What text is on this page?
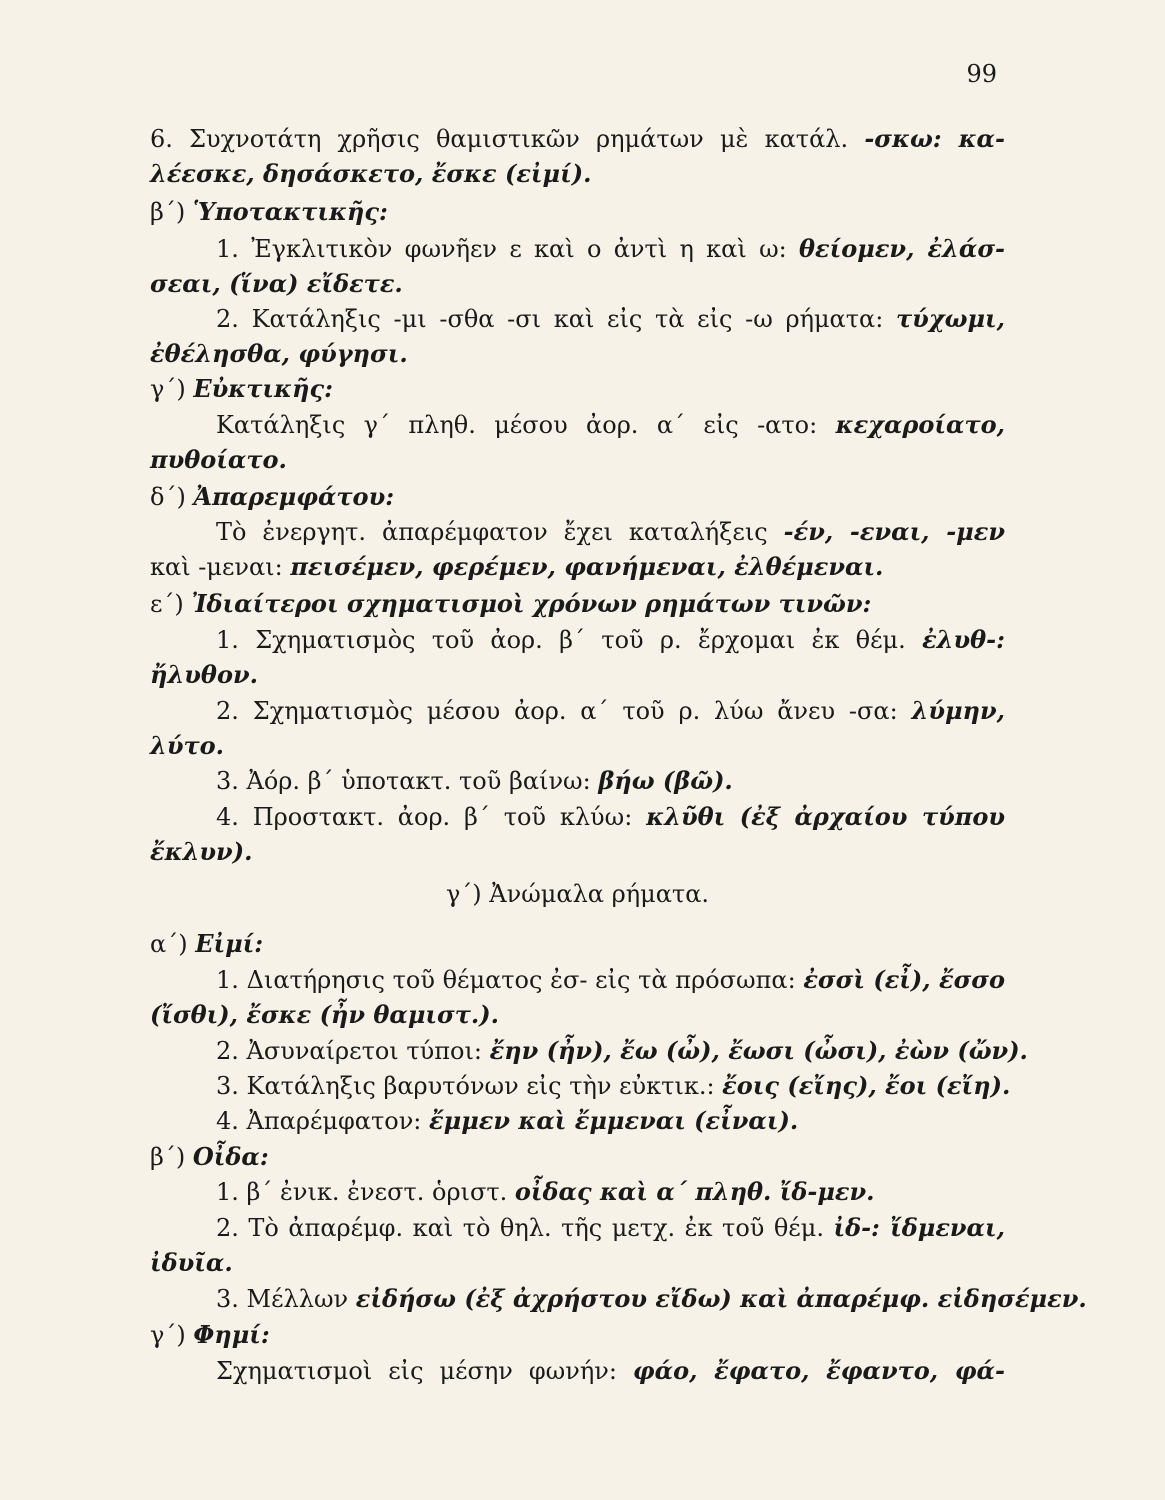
99
6. Συχνοτάτη χρῆσις θαμιστικῶν ρημάτων μὲ κατάλ. -σκω: κα-
λέεσκε, δησάσκετο, ἔσκε (εἰμί).
β΄) Ὑποτακτικῆς:
1. Ἐγκλιτικὸν φωνῆεν ε καὶ ο ἀντὶ η καὶ ω: θείομεν, ἐλάσ-
σεαι, (ἵνα) εἴδετε.
2. Κατάληξις -μι -σθα -σι καὶ εἰς τὰ εἰς -ω ρήματα: τύχωμι,
ἐθέλησθα, φύγησι.
γ΄) Εὐκτικῆς:
Κατάληξις γ΄ πληθ. μέσου ἀορ. α΄ εἰς -ατο: κεχαροίατο,
πυθοίατο.
δ΄) Ἀπαρεμφάτου:
Τὸ ἐνεργητ. ἀπαρέμφατον ἔχει καταλήξεις -έν, -εναι, -μεν
καὶ -μεναι: πεισέμεν, φερέμεν, φανήμεναι, ἐλθέμεναι.
ε΄) Ἰδιαίτεροι σχηματισμοὶ χρόνων ρημάτων τινῶν:
1. Σχηματισμὸς τοῦ ἀορ. β΄ τοῦ ρ. ἔρχομαι ἐκ θέμ. ἐλυθ-:
ἤλυθον.
2. Σχηματισμὸς μέσου ἀορ. α΄ τοῦ ρ. λύω ἄνευ -σα: λύμην,
λύτο.
3. Ἀόρ. β΄ ὑποτακτ. τοῦ βαίνω: βήω (βῶ).
4. Προστακτ. ἀορ. β΄ τοῦ κλύω: κλῦθι (ἐξ ἀρχαίου τύπου
ἔκλυν).
γ΄) Ἀνώμαλα ρήματα.
α΄) Εἰμί:
1. Διατήρησις τοῦ θέματος ἐσ- εἰς τὰ πρόσωπα: ἐσσὶ (εἶ), ἔσσο
(ἴσθι), ἔσκε (ἦν θαμιστ.).
2. Ἀσυναίρετοι τύποι: ἔην (ἦν), ἔω (ὦ), ἔωσι (ὦσι), ἐὼν (ὤν).
3. Κατάληξις βαρυτόνων εἰς τὴν εὐκτικ.: ἔοις (εἴης), ἔοι (εἴη).
4. Ἀπαρέμφατον: ἔμμεν καὶ ἔμμεναι (εἶναι).
β΄) Οἶδα:
1. β΄ ἐνικ. ἐνεστ. ὁριστ. οἶδας καὶ α΄ πληθ. ἴδ-μεν.
2. Τὸ ἀπαρέμφ. καὶ τὸ θηλ. τῆς μετχ. ἐκ τοῦ θέμ. ἰδ-: ἴδμεναι,
ἰδυῖα.
3. Μέλλων εἰδήσω (ἐξ ἀχρήστου εἴδω) καὶ ἀπαρέμφ. εἰδησέμεν.
γ΄) Φημί:
Σχηματισμοὶ εἰς μέσην φωνήν: φάο, ἔφατο, ἔφαντο, φά-
